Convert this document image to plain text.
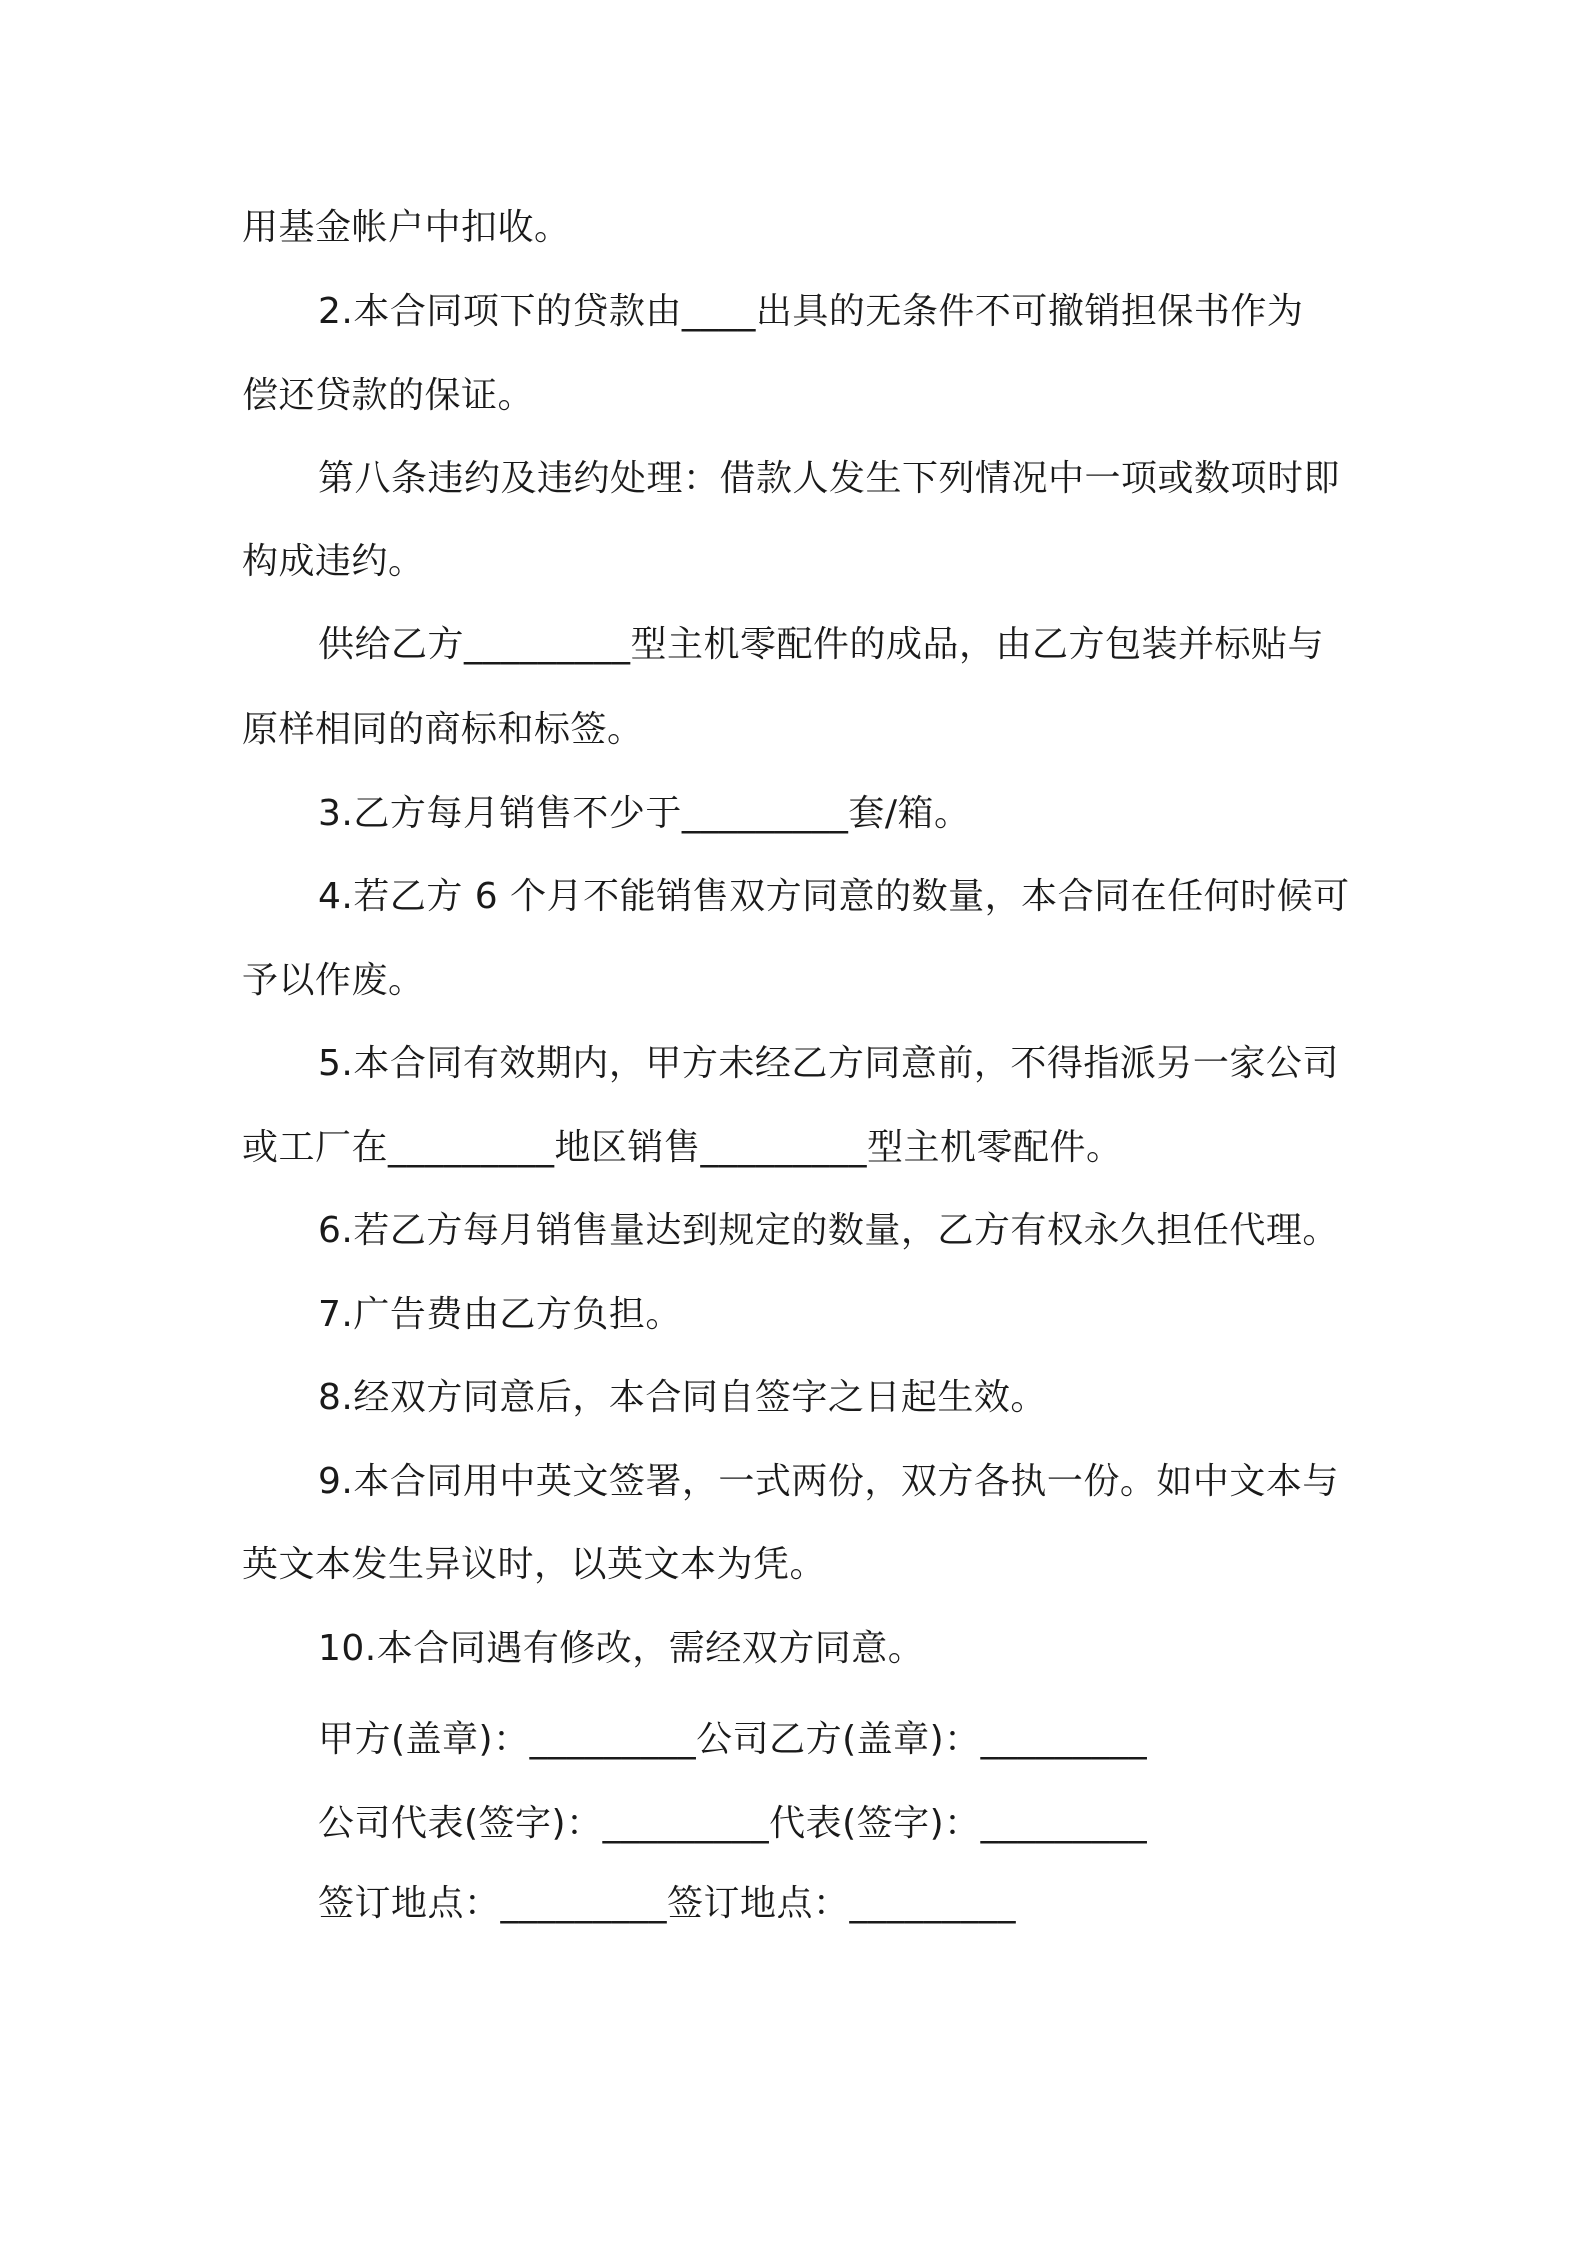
用基金帐户中扣收。
2.本合同项下的贷款由____出具的无条件不可撤销担保书作为
偿还贷款的保证。
第八条违约及违约处理：借款人发生下列情况中一项或数项时即
构成违约。
供给乙方_________型主机零配件的成品，由乙方包装并标贴与
原样相同的商标和标签。
3.乙方每月销售不少于_________套/箱。
4.若乙方 6 个月不能销售双方同意的数量，本合同在任何时候可
予以作废。
5.本合同有效期内，甲方未经乙方同意前，不得指派另一家公司
或工厂在_________地区销售_________型主机零配件。
6.若乙方每月销售量达到规定的数量，乙方有权永久担任代理。
7.广告费由乙方负担。
8.经双方同意后，本合同自签字之日起生效。
9.本合同用中英文签署，一式两份，双方各执一份。如中文本与
英文本发生异议时，以英文本为凭。
10.本合同遇有修改，需经双方同意。
甲方(盖章)：_________公司乙方(盖章)：_________
公司代表(签字)：_________代表(签字)：_________
签订地点：_________签订地点：_________
